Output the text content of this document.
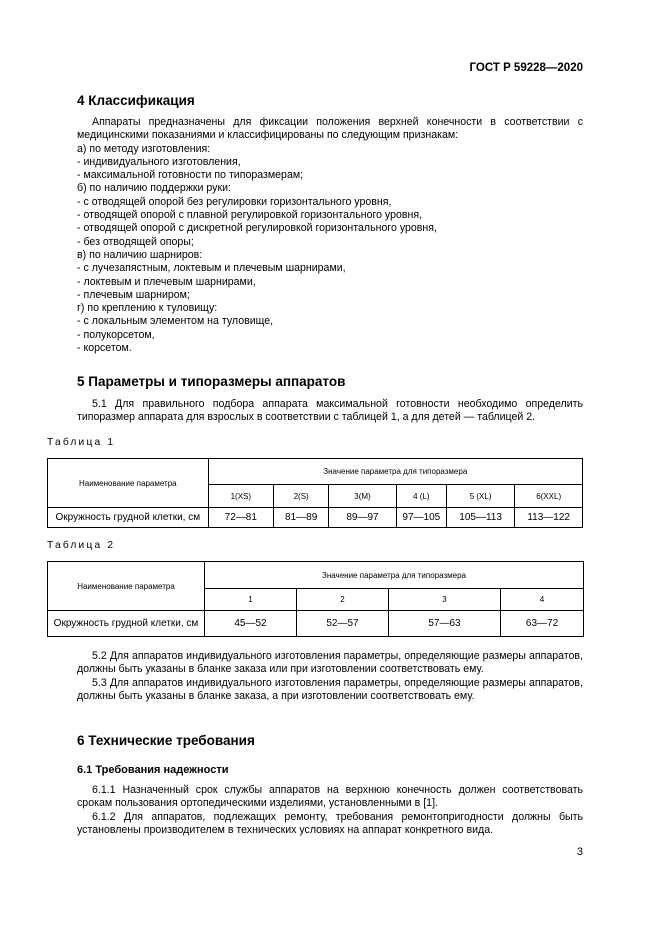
ГОСТ Р 59228—2020
4 Классификация

Аппараты предназначены для фиксации положения верхней конечности в соответствии с медицинскими показаниями и классифицированы по следующим признакам:

а) по методу изготовления:

- индивидуального изготовления,

- максимальной готовности по типоразмерам;

б) по наличию поддержки руки:

- с отводящей опорой без регулировки горизонтального уровня,

- отводящей опорой с плавной регулировкой горизонтального уровня,

- отводящей опорой с дискретной регулировкой горизонтального уровня,

- без отводящей опоры;

в) по наличию шарниров:

- с лучезапястным, локтевым и плечевым шарнирами,

- локтевым и плечевым шарнирами,

- плечевым шарниром;

г) по креплению к туловищу:

- с локальным элементом на туловище,

- полукорсетом,

- корсетом.

5 Параметры и типоразмеры аппаратов

5.1 Для правильного подбора аппарата максимальной готовности необходимо определить типоразмер аппарата для взрослых в соответствии с таблицей 1, а для детей — таблицей 2.

Таблица 1
Наименование параметра	Значение параметра для типоразмера					
	1(XS)	2(S)	3(M)	4 (L)	5 (XL)	6(XXL)
Окружность грудной клетки, см	72—81	81—89	89—97	97—105	105—113	113—122
Таблица 2
Наименование параметра	Значение параметра для типоразмера			
	1	2	3	4
Окружность грудной клетки, см	45—52	52—57	57—63	63—72

5.2 Для аппаратов индивидуального изготовления параметры, определяющие размеры аппаратов, должны быть указаны в бланке заказа или при изготовлении соответствовать ему.

5.3 Для аппаратов индивидуального изготовления параметры, определяющие размеры аппаратов, должны быть указаны в бланке заказа, а при изготовлении соответствовать ему.

6 Технические требования
6.1 Требования надежности

6.1.1 Назначенный срок службы аппаратов на верхнюю конечность должен соответствовать срокам пользования ортопедическими изделиями, установленными в [1].

6.1.2 Для аппаратов, подлежащих ремонту, требования ремонтопригодности должны быть установлены производителем в технических условиях на аппарат конкретного вида.

3
